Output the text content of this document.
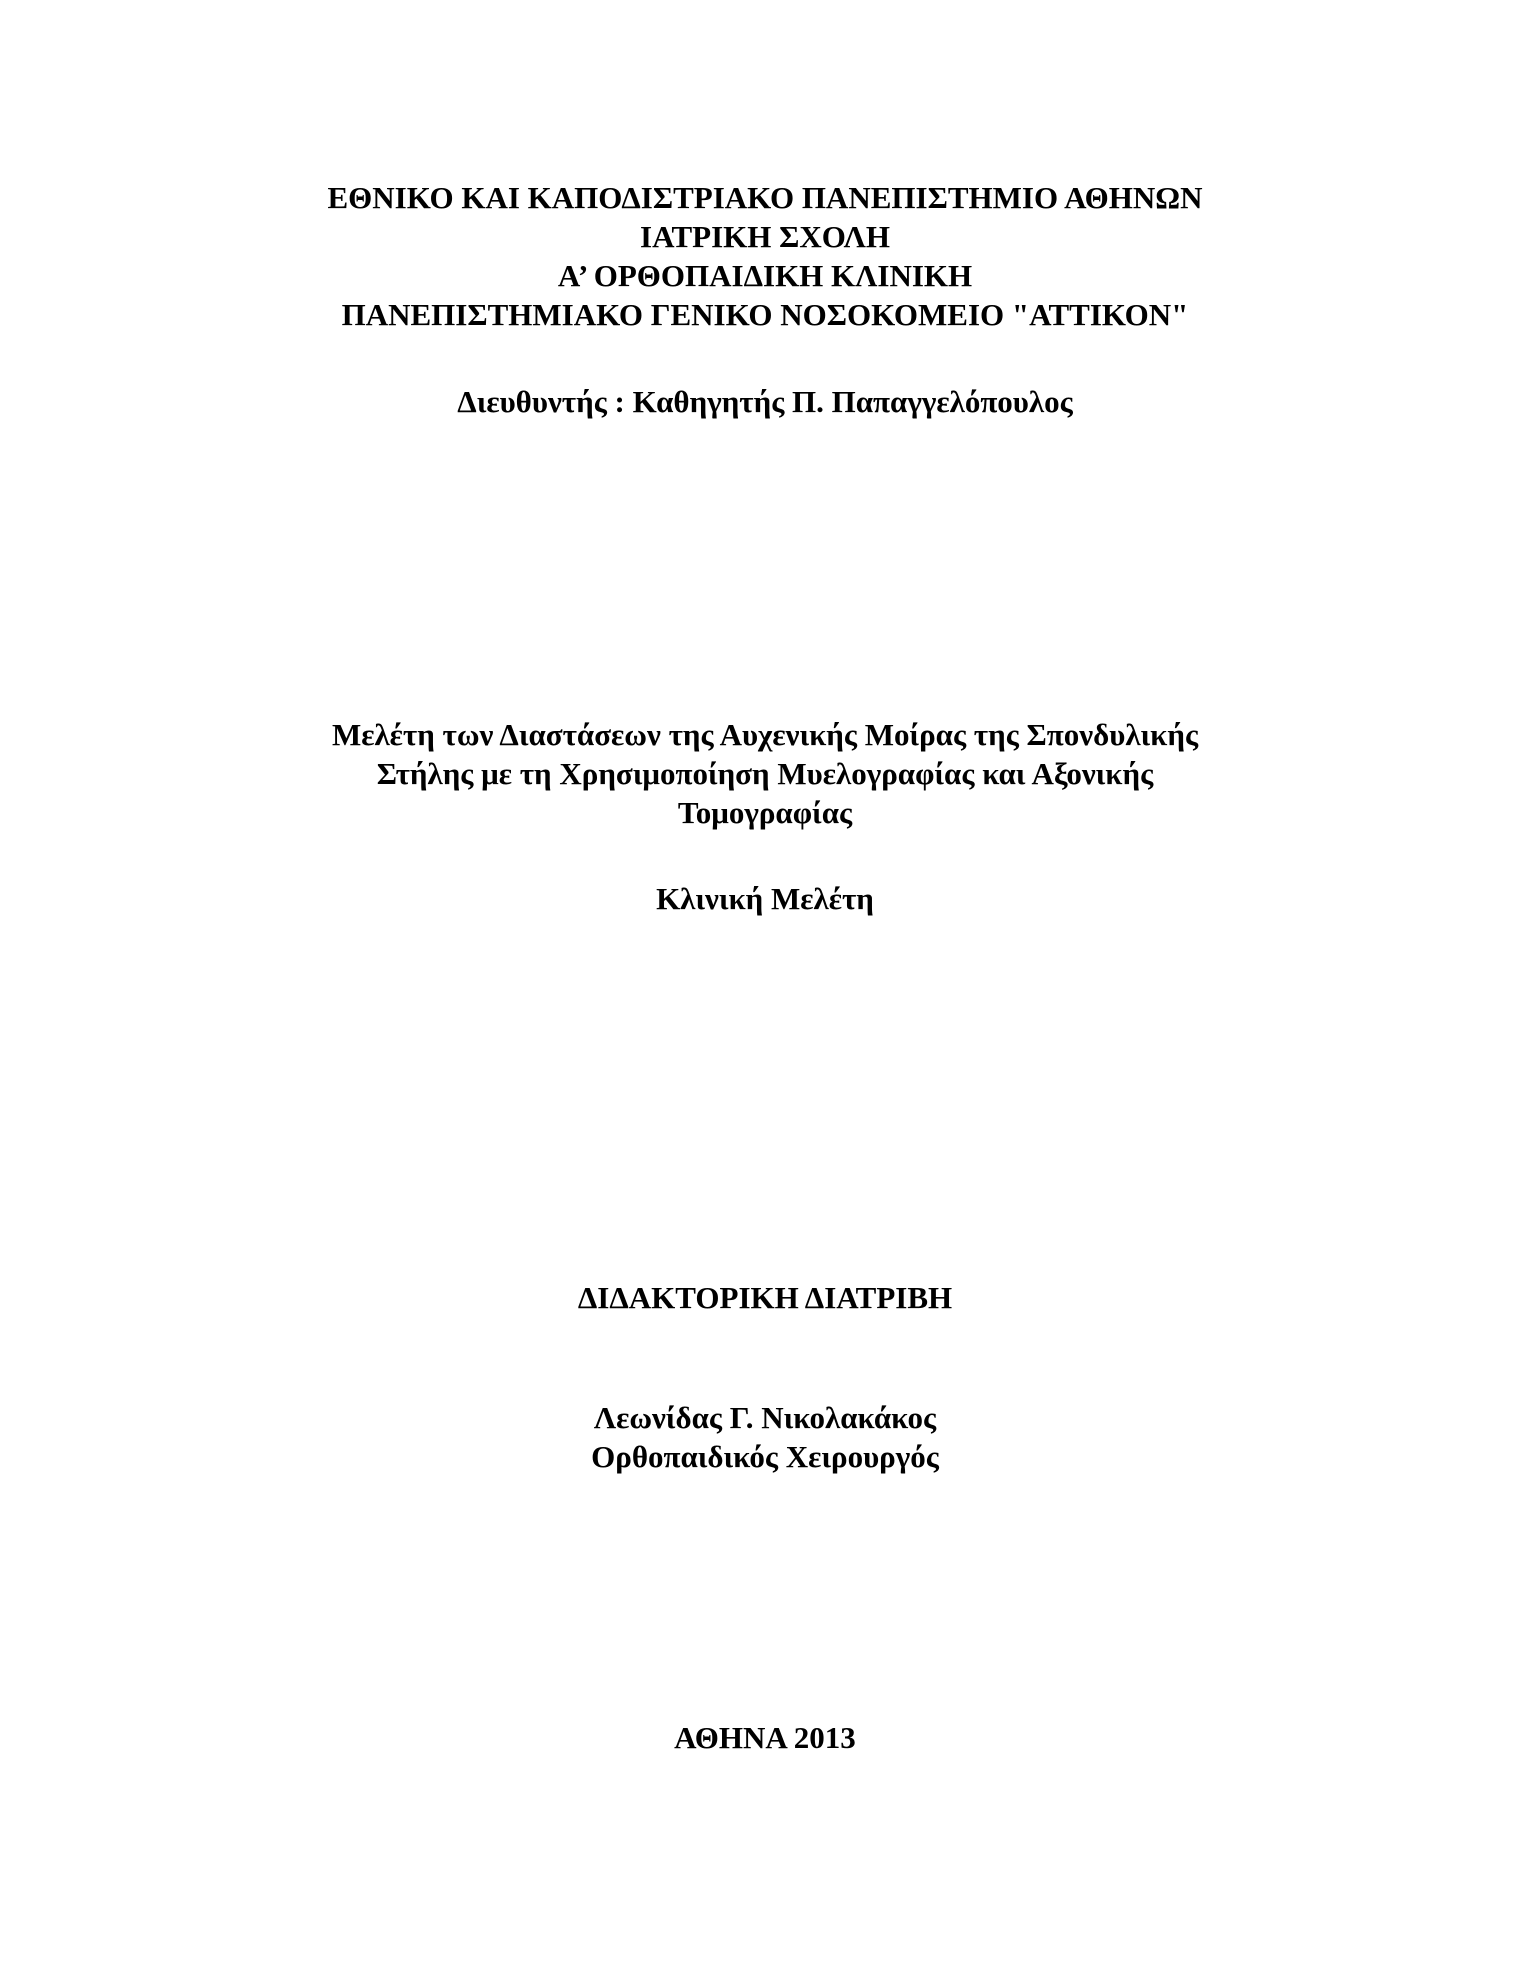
ΕΘΝΙΚΟ ΚΑΙ ΚΑΠΟΔΙΣΤΡΙΑΚΟ ΠΑΝΕΠΙΣΤΗΜΙΟ ΑΘΗΝΩΝ
ΙΑΤΡΙΚΗ ΣΧΟΛΗ
Α’ ΟΡΘΟΠΑΙΔΙΚΗ ΚΛΙΝΙΚΗ
ΠΑΝΕΠΙΣΤΗΜΙΑΚΟ ΓΕΝΙΚΟ ΝΟΣΟΚΟΜΕΙΟ "ΑΤΤΙΚΟΝ"
Διευθυντής : Καθηγητής Π. Παπαγγελόπουλος
Μελέτη των Διαστάσεων της Αυχενικής Μοίρας της Σπονδυλικής
Στήλης με τη Χρησιμοποίηση Μυελογραφίας και Αξονικής
Τομογραφίας
Κλινική Μελέτη
ΔΙΔΑΚΤΟΡΙΚΗ ΔΙΑΤΡΙΒΗ
Λεωνίδας Γ. Νικολακάκος
Ορθοπαιδικός Χειρουργός
ΑΘΗΝΑ 2013
